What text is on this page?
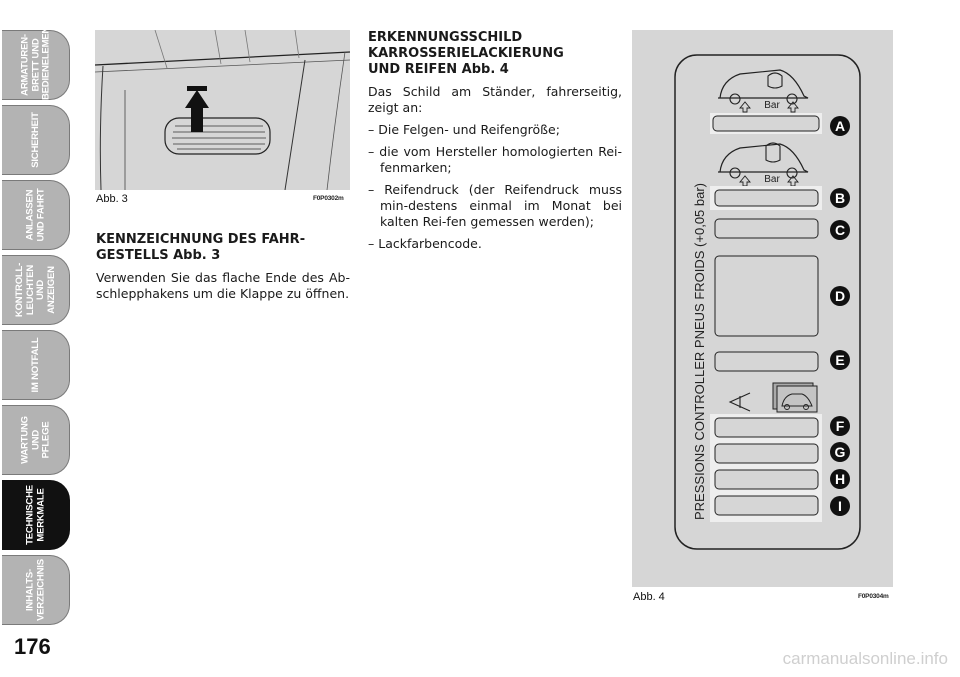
ARMATUREN-
BRETT UND
BEDIENELEMENTE
SICHERHEIT
ANLASSEN
UND FAHRT
KONTROLL-
LEUCHTEN UND
ANZEIGEN
IM NOTFALL
WARTUNG UND
PFLEGE
TECHNISCHE
MERKMALE
INHALTS-
VERZEICHNIS
176
Abb. 3	F0P0302m
KENNZEICHNUNG DES FAHR-
GESTELLS Abb. 3
Verwenden Sie das flache Ende des Ab-schlepphakens um die Klappe zu öffnen.
ERKENNUNGSSCHILD
KARROSSERIELACKIERUNG
UND REIFEN Abb. 4
Das Schild am Ständer, fahrerseitig, zeigt an:
– Die Felgen- und Reifengröße;
– die vom Hersteller homologierten Rei-fenmarken;
– Reifendruck (der Reifendruck muss min-destens einmal im Monat bei kalten Rei-fen gemessen werden);
– Lackfarbencode.
Bar
Bar
PRESSIONS CONTROLLER PNEUS FROIDS (+0,05 bar)
A
B
C
D
E
F
G
H
I
Abb. 4	F0P0304m
carmanualsonline.info
